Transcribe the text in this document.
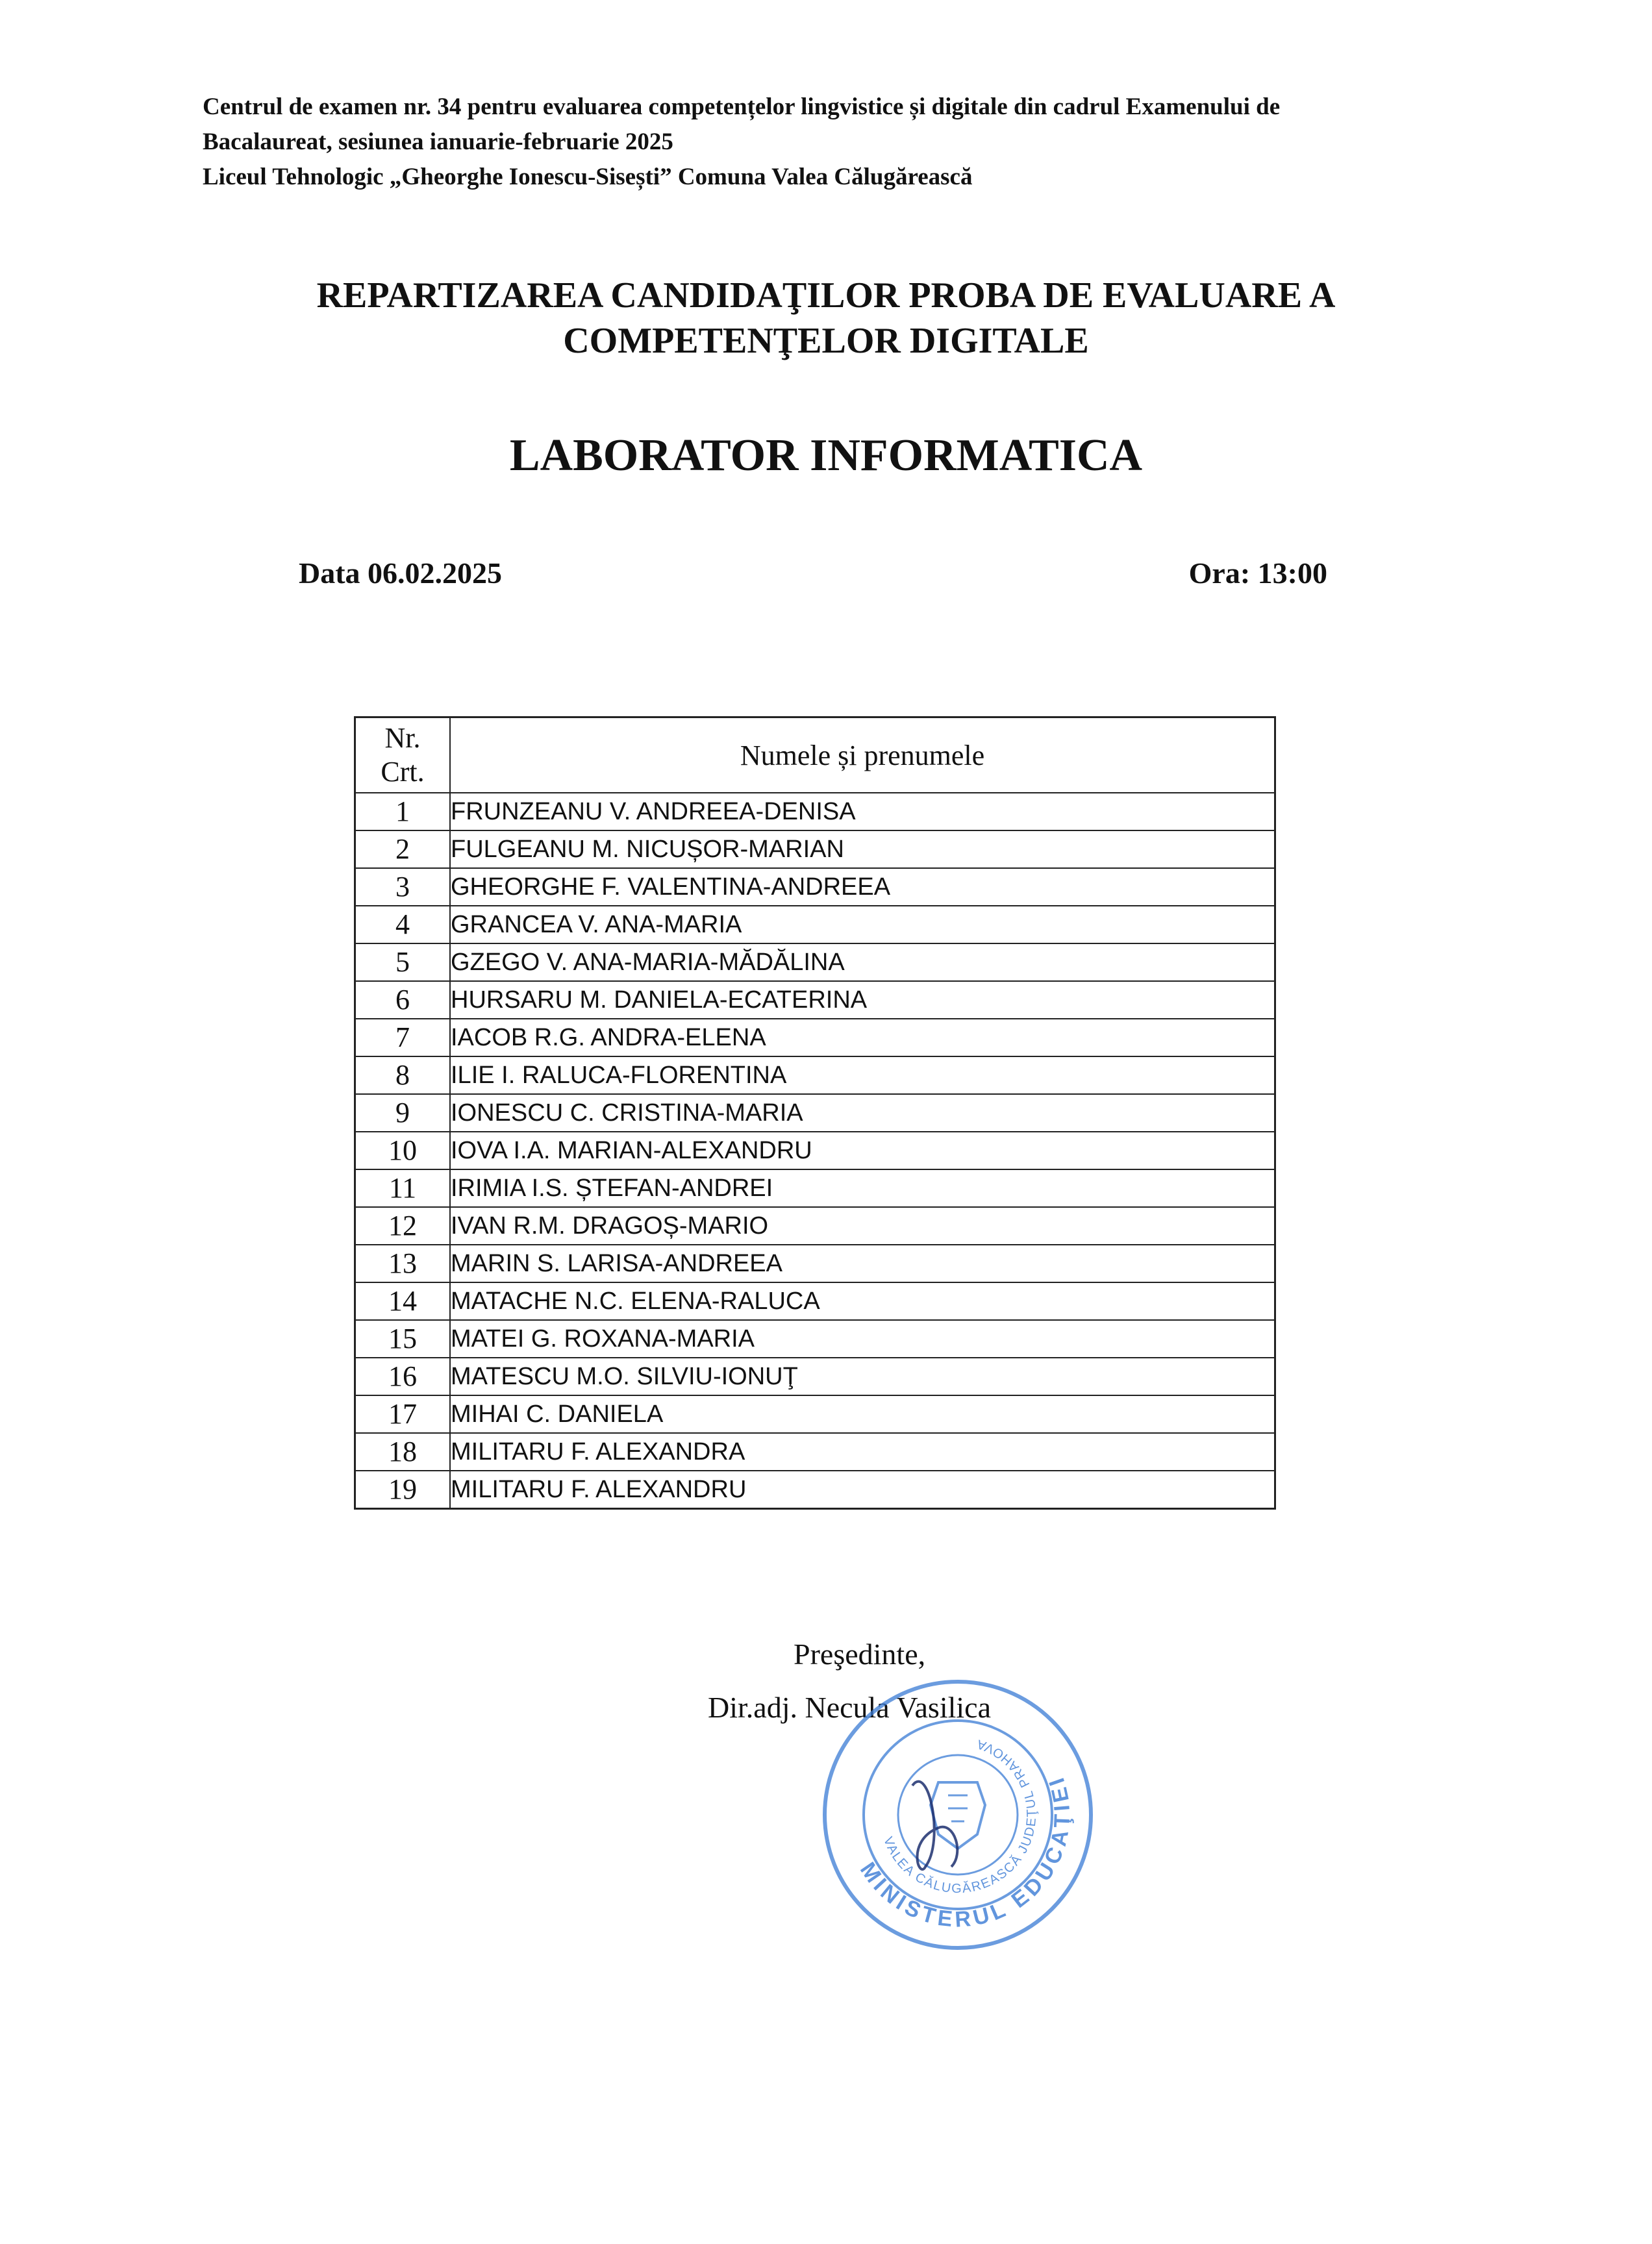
Centrul de examen nr. 34 pentru evaluarea competențelor lingvistice și digitale din cadrul Examenului de
Bacalaureat, sesiunea ianuarie-februarie 2025
Liceul Tehnologic „Gheorghe Ionescu-Sisești” Comuna Valea Călugărească
REPARTIZAREA CANDIDAŢILOR PROBA DE EVALUARE A
COMPETENŢELOR DIGITALE
LABORATOR INFORMATICA
Data 06.02.2025	Ora: 13:00
Nr.
Crt.	Numele și prenumele
1	FRUNZEANU V. ANDREEA-DENISA
2	FULGEANU M. NICUȘOR-MARIAN
3	GHEORGHE F. VALENTINA-ANDREEA
4	GRANCEA V. ANA-MARIA
5	GZEGO V. ANA-MARIA-MĂDĂLINA
6	HURSARU M. DANIELA-ECATERINA
7	IACOB R.G. ANDRA-ELENA
8	ILIE I. RALUCA-FLORENTINA
9	IONESCU C. CRISTINA-MARIA
10	IOVA I.A. MARIAN-ALEXANDRU
11	IRIMIA I.S. ȘTEFAN-ANDREI
12	IVAN R.M. DRAGOȘ-MARIO
13	MARIN S. LARISA-ANDREEA
14	MATACHE N.C. ELENA-RALUCA
15	MATEI G. ROXANA-MARIA
16	MATESCU M.O. SILVIU-IONUŢ
17	MIHAI C. DANIELA
18	MILITARU F. ALEXANDRA
19	MILITARU F. ALEXANDRU
Preşedinte,
Dir.adj. Necula Vasilica
MINISTERUL EDUCAŢIEI
VALEA CĂLUGĂREASCĂ JUDEŢUL PRAHOVA
